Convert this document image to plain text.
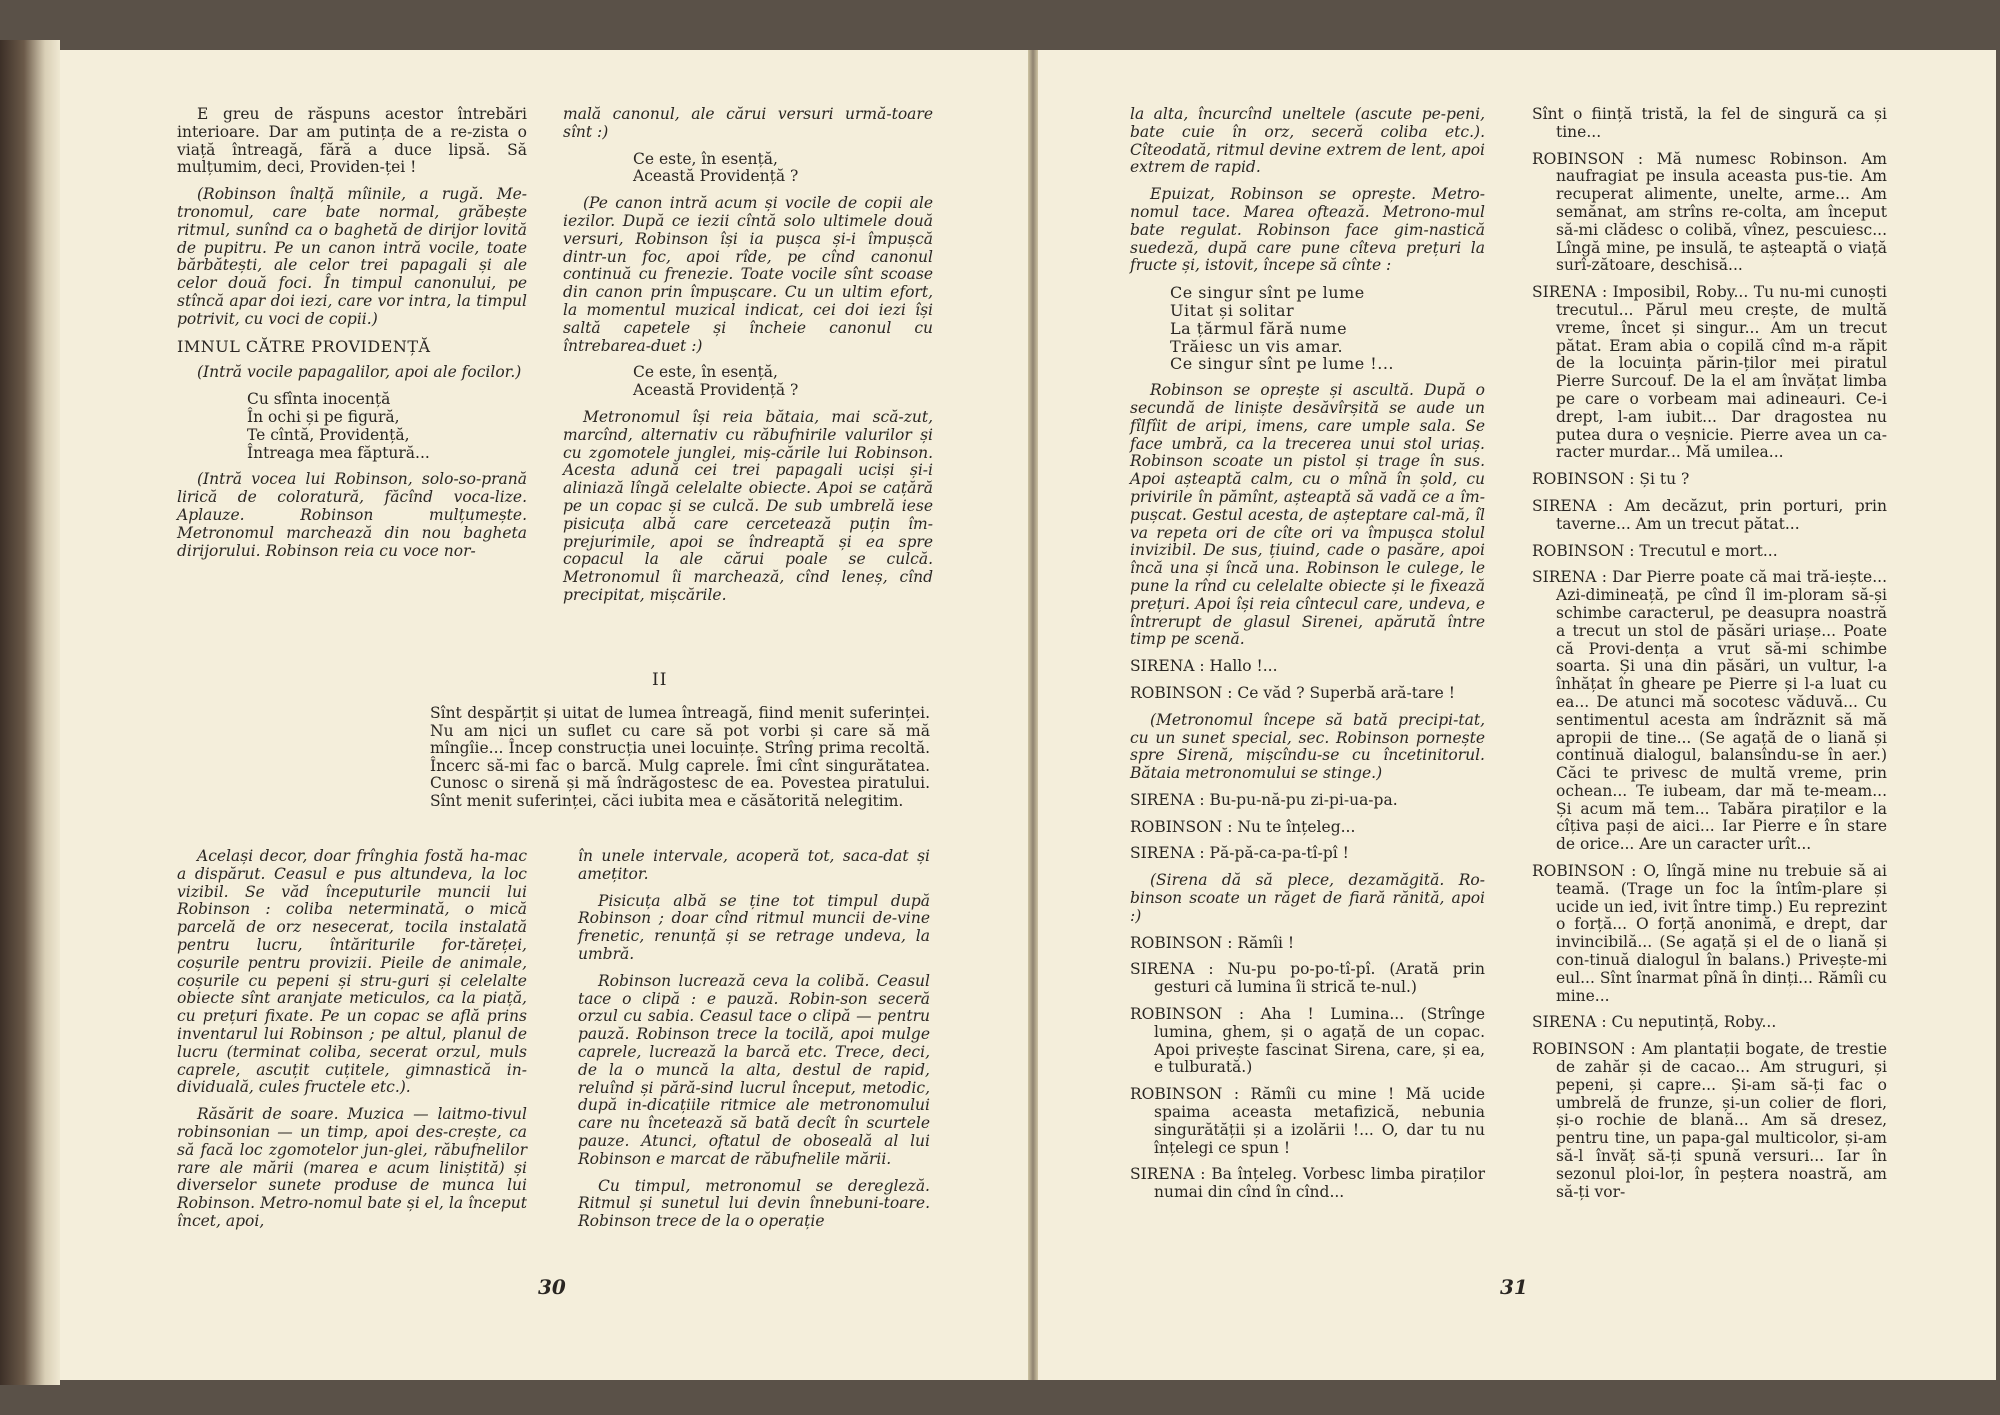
E greu de răspuns acestor întrebări interioare. Dar am putința de a re-zista o viață întreagă, fără a duce lipsă. Să mulțumim, deci, Providen-ței !

(Robinson înalță mîinile, a rugă. Me-tronomul, care bate normal, grăbește ritmul, sunînd ca o baghetă de dirijor lovită de pupitru. Pe un canon intră vocile, toate bărbătești, ale celor trei papagali și ale celor două foci. În timpul canonului, pe stîncă apar doi iezi, care vor intra, la timpul potrivit, cu voci de copii.)

IMNUL CĂTRE PROVIDENȚĂ

(Intră vocile papagalilor, apoi ale focilor.)

Cu sfînta inocență
În ochi și pe figură,
Te cîntă, Providență,
Întreaga mea făptură...

(Intră vocea lui Robinson, solo-so-prană lirică de coloratură, făcînd voca-lize. Aplauze. Robinson mulțumește. Metronomul marchează din nou bagheta dirijorului. Robinson reia cu voce nor-

mală canonul, ale cărui versuri urmă-toare sînt :)

Ce este, în esență,
Această Providență ?

(Pe canon intră acum și vocile de copii ale iezilor. După ce iezii cîntă solo ultimele două versuri, Robinson își ia pușca și-i împușcă dintr-un foc, apoi rîde, pe cînd canonul continuă cu frenezie. Toate vocile sînt scoase din canon prin împușcare. Cu un ultim efort, la momentul muzical indicat, cei doi iezi își saltă capetele și încheie canonul cu întrebarea-duet :)

Ce este, în esență,
Această Providență ?

Metronomul își reia bătaia, mai scă-zut, marcînd, alternativ cu răbufnirile valurilor și cu zgomotele junglei, miș-cările lui Robinson. Acesta adună cei trei papagali uciși și-i aliniază lîngă celelalte obiecte. Apoi se cațără pe un copac și se culcă. De sub umbrelă iese pisicuța albă care cercetează puțin îm-prejurimile, apoi se îndreaptă și ea spre copacul la ale cărui poale se culcă. Metronomul îi marchează, cînd leneș, cînd precipitat, mișcările.

II
Sînt despărțit și uitat de lumea întreagă, fiind menit suferinței. Nu am nici un suflet cu care să pot vorbi și care să mă mîngîie... Încep construcția unei locuințe. Strîng prima recoltă. Încerc să-mi fac o barcă. Mulg caprele. Îmi cînt singurătatea. Cunosc o sirenă și mă îndrăgostesc de ea. Povestea piratului. Sînt menit suferinței, căci iubita mea e căsătorită nelegitim.

Același decor, doar frînghia fostă ha-mac a dispărut. Ceasul e pus altundeva, la loc vizibil. Se văd începuturile muncii lui Robinson : coliba neterminată, o mică parcelă de orz nesecerat, tocila instalată pentru lucru, întăriturile for-tăreței, coșurile pentru provizii. Pieile de animale, coșurile cu pepeni și stru-guri și celelalte obiecte sînt aranjate meticulos, ca la piață, cu prețuri fixate. Pe un copac se află prins inventarul lui Robinson ; pe altul, planul de lucru (terminat coliba, secerat orzul, muls caprele, ascuțit cuțitele, gimnastică in-dividuală, cules fructele etc.).

Răsărit de soare. Muzica — laitmo-tivul robinsonian — un timp, apoi des-crește, ca să facă loc zgomotelor jun-glei, răbufnelilor rare ale mării (marea e acum liniștită) și diverselor sunete produse de munca lui Robinson. Metro-nomul bate și el, la început încet, apoi,

în unele intervale, acoperă tot, saca-dat și amețitor.

Pisicuța albă se ține tot timpul după Robinson ; doar cînd ritmul muncii de-vine frenetic, renunță și se retrage undeva, la umbră.

Robinson lucrează ceva la colibă. Ceasul tace o clipă : e pauză. Robin-son seceră orzul cu sabia. Ceasul tace o clipă — pentru pauză. Robinson trece la tocilă, apoi mulge caprele, lucrează la barcă etc. Trece, deci, de la o muncă la alta, destul de rapid, reluînd și pără-sind lucrul început, metodic, după in-dicațiile ritmice ale metronomului care nu încetează să bată decît în scurtele pauze. Atunci, oftatul de oboseală al lui Robinson e marcat de răbufnelile mării.

Cu timpul, metronomul se deregleză. Ritmul și sunetul lui devin înnebuni-toare. Robinson trece de la o operație

30

la alta, încurcînd uneltele (ascute pe-peni, bate cuie în orz, seceră coliba etc.). Cîteodată, ritmul devine extrem de lent, apoi extrem de rapid.

Epuizat, Robinson se oprește. Metro-nomul tace. Marea oftează. Metrono-mul bate regulat. Robinson face gim-nastică suedeză, după care pune cîteva prețuri la fructe și, istovit, începe să cînte :

Ce singur sînt pe lume
Uitat și solitar
La țărmul fără nume
Trăiesc un vis amar.
Ce singur sînt pe lume !...

Robinson se oprește și ascultă. După o secundă de liniște desăvîrșită se aude un fîlfîit de aripi, imens, care umple sala. Se face umbră, ca la trecerea unui stol uriaș. Robinson scoate un pistol și trage în sus. Apoi așteaptă calm, cu o mînă în șold, cu privirile în pămînt, așteaptă să vadă ce a îm-pușcat. Gestul acesta, de așteptare cal-mă, îl va repeta ori de cîte ori va împușca stolul invizibil. De sus, țiuind, cade o pasăre, apoi încă una și încă una. Robinson le culege, le pune la rînd cu celelalte obiecte și le fixează prețuri. Apoi își reia cîntecul care, undeva, e întrerupt de glasul Sirenei, apărută între timp pe scenă.

SIRENA : Hallo !...

ROBINSON : Ce văd ? Superbă ară-tare !

(Metronomul începe să bată precipi-tat, cu un sunet special, sec. Robinson pornește spre Sirenă, mișcîndu-se cu încetinitorul. Bătaia metronomului se stinge.)

SIRENA : Bu-pu-nă-pu zi-pi-ua-pa.

ROBINSON : Nu te înțeleg...

SIRENA : Pă-pă-ca-pa-tî-pî !

(Sirena dă să plece, dezamăgită. Ro-binson scoate un răget de fiară rănită, apoi :)

ROBINSON : Rămîi !

SIRENA : Nu-pu po-po-tî-pî. (Arată prin gesturi că lumina îi strică te-nul.)

ROBINSON : Aha ! Lumina... (Strînge lumina, ghem, și o agață de un copac. Apoi privește fascinat Sirena, care, și ea, e tulburată.)

ROBINSON : Rămîi cu mine ! Mă ucide spaima aceasta metafizică, nebunia singurătății și a izolării !... O, dar tu nu înțelegi ce spun !

SIRENA : Ba înțeleg. Vorbesc limba piraților numai din cînd în cînd...

Sînt o ființă tristă, la fel de singură ca și tine...

ROBINSON : Mă numesc Robinson. Am naufragiat pe insula aceasta pus-tie. Am recuperat alimente, unelte, arme... Am semănat, am strîns re-colta, am început să-mi clădesc o colibă, vînez, pescuiesc... Lîngă mine, pe insulă, te așteaptă o viață surî-zătoare, deschisă...

SIRENA : Imposibil, Roby... Tu nu-mi cunoști trecutul... Părul meu crește, de multă vreme, încet și singur... Am un trecut pătat. Eram abia o copilă cînd m-a răpit de la locuința părin-ților mei piratul Pierre Surcouf. De la el am învățat limba pe care o vorbeam mai adineauri. Ce-i drept, l-am iubit... Dar dragostea nu putea dura o veșnicie. Pierre avea un ca-racter murdar... Mă umilea...

ROBINSON : Și tu ?

SIRENA : Am decăzut, prin porturi, prin taverne... Am un trecut pătat...

ROBINSON : Trecutul e mort...

SIRENA : Dar Pierre poate că mai tră-iește... Azi-dimineață, pe cînd îl im-ploram să-și schimbe caracterul, pe deasupra noastră a trecut un stol de păsări uriașe... Poate că Provi-dența a vrut să-mi schimbe soarta. Și una din păsări, un vultur, l-a înhățat în gheare pe Pierre și l-a luat cu ea... De atunci mă socotesc văduvă... Cu sentimentul acesta am îndrăznit să mă apropii de tine... (Se agață de o liană și continuă dialogul, balansîndu-se în aer.) Căci te privesc de multă vreme, prin ochean... Te iubeam, dar mă te-meam... Și acum mă tem... Tabăra piraților e la cîțiva pași de aici... Iar Pierre e în stare de orice... Are un caracter urît...

ROBINSON : O, lîngă mine nu trebuie să ai teamă. (Trage un foc la întîm-plare și ucide un ied, ivit între timp.) Eu reprezint o forță... O forță anonimă, e drept, dar invincibilă... (Se agață și el de o liană și con-tinuă dialogul în balans.) Privește-mi eul... Sînt înarmat pînă în dinți... Rămîi cu mine...

SIRENA : Cu neputință, Roby...

ROBINSON : Am plantații bogate, de trestie de zahăr și de cacao... Am struguri, și pepeni, și capre... Și-am să-ți fac o umbrelă de frunze, și-un colier de flori, și-o rochie de blană... Am să dresez, pentru tine, un papa-gal multicolor, și-am să-l învăț să-ți spună versuri... Iar în sezonul ploi-lor, în peștera noastră, am să-ți vor-

31
